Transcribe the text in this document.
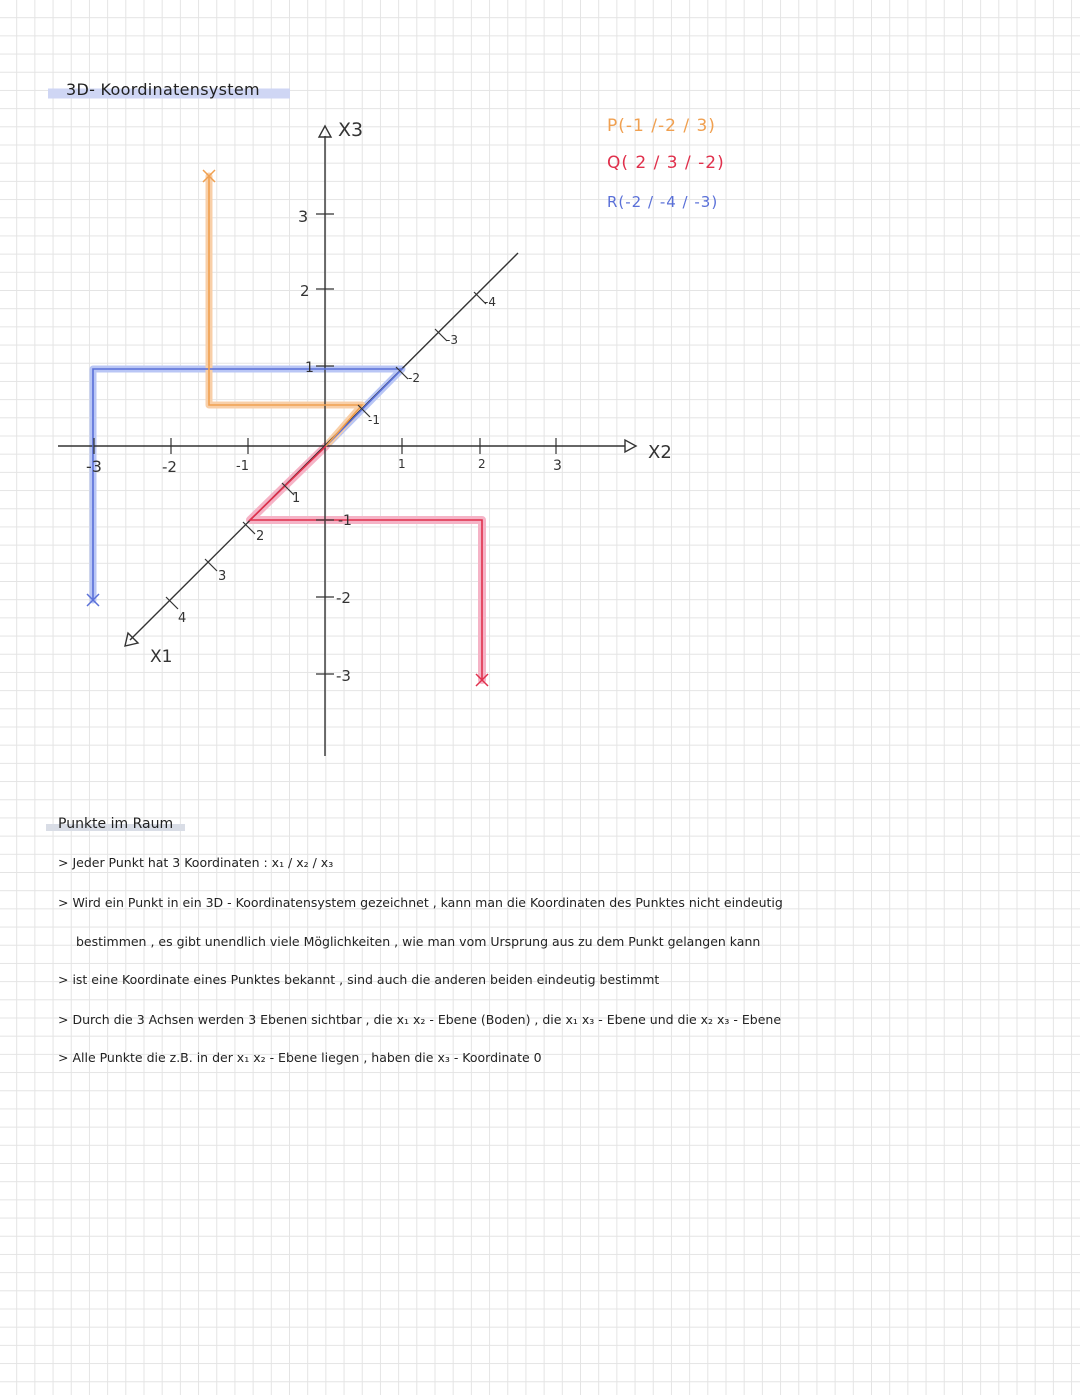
3D- Koordinatensystem
X3
X2
X1
3
2
1
-1
-2
-3
-3	-2	-1	1	2	3
1
2
3
4
-1
-2
-3
-4
P(-1 /-2 / 3)
Q( 2 / 3 / -2)
R(-2 / -4 / -3)
Punkte im Raum
> Jeder Punkt hat 3 Koordinaten : x₁ / x₂ / x₃
> Wird ein Punkt in ein 3D - Koordinatensystem gezeichnet , kann man die Koordinaten des Punktes nicht eindeutig
bestimmen , es gibt unendlich viele Möglichkeiten , wie man vom Ursprung aus zu dem Punkt gelangen kann
> ist eine Koordinate eines Punktes bekannt , sind auch die anderen beiden eindeutig bestimmt
> Durch die 3 Achsen werden 3 Ebenen sichtbar , die x₁ x₂ - Ebene (Boden) , die x₁ x₃ - Ebene und die x₂ x₃ - Ebene
> Alle Punkte die z.B. in der x₁ x₂ - Ebene liegen , haben die x₃ - Koordinate 0
